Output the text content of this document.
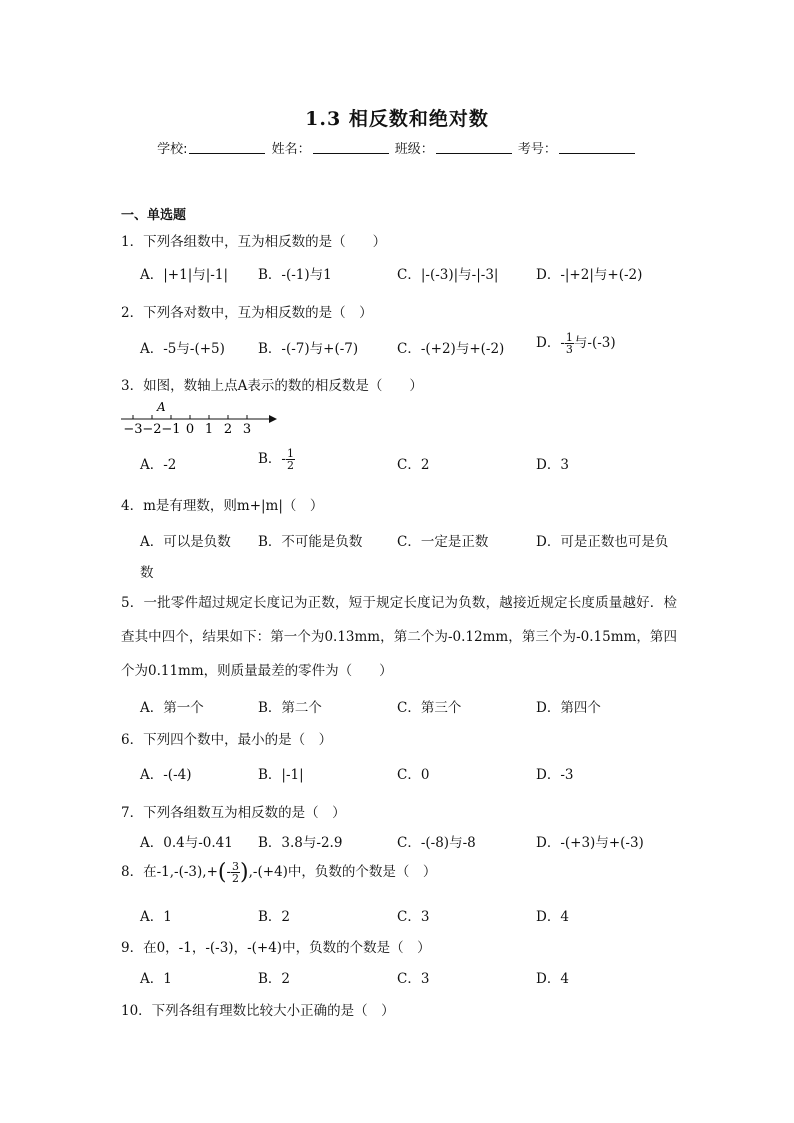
1.3 相反数和绝对数
学校:	姓名：	班级：	考号：
一、单选题
1．下列各组数中，互为相反数的是（　　）
A．|+1|与|-1| B．-(-1)与1	C．|-(-3)|与-|-3|	D．-|+2|与+(-2)
2．下列各对数中，互为相反数的是（　）
A．-5与-(+5) B．-(-7)与+(-7)	C．-(+2)与+(-2) D．- $\frac{1}{3}$ 与-(-3)
3．如图，数轴上点A表示的数的相反数是（　　）
−3 −2 −1 0 1 2 3
A
A．-2	B．- $\frac{1}{2}$	C．2	D．3
4．m是有理数，则m+|m|（　）
A．可以是负数 B．不可能是负数	C．一定是正数	D．可是正数也可是负
数
5．一批零件超过规定长度记为正数，短于规定长度记为负数，越接近规定长度质量越好．检查其中四个，结果如下：第一个为0.13mm，第二个为-0.12mm，第三个为-0.15mm，第四个为0.11mm，则质量最差的零件为（　　）
A．第一个	B．第二个	C．第三个	D．第四个
6．下列四个数中，最小的是（　）
A．-(-4)	B．|-1|	C．0	D．-3
7．下列各组数互为相反数的是（　）
A．0.4与-0.41 B．3.8与-2.9	C．-(-8)与-8	D．-(+3)与+(-3)
8．在$-1,-(-3),+(- \frac{3}{2} ),-(+4)$中，负数的个数是（　）
A．1	B．2	C．3	D．4
9．在0，-1，-(-3)，-(+4)中，负数的个数是（　）
A．1	B．2	C．3	D．4
10．下列各组有理数比较大小正确的是（　）
